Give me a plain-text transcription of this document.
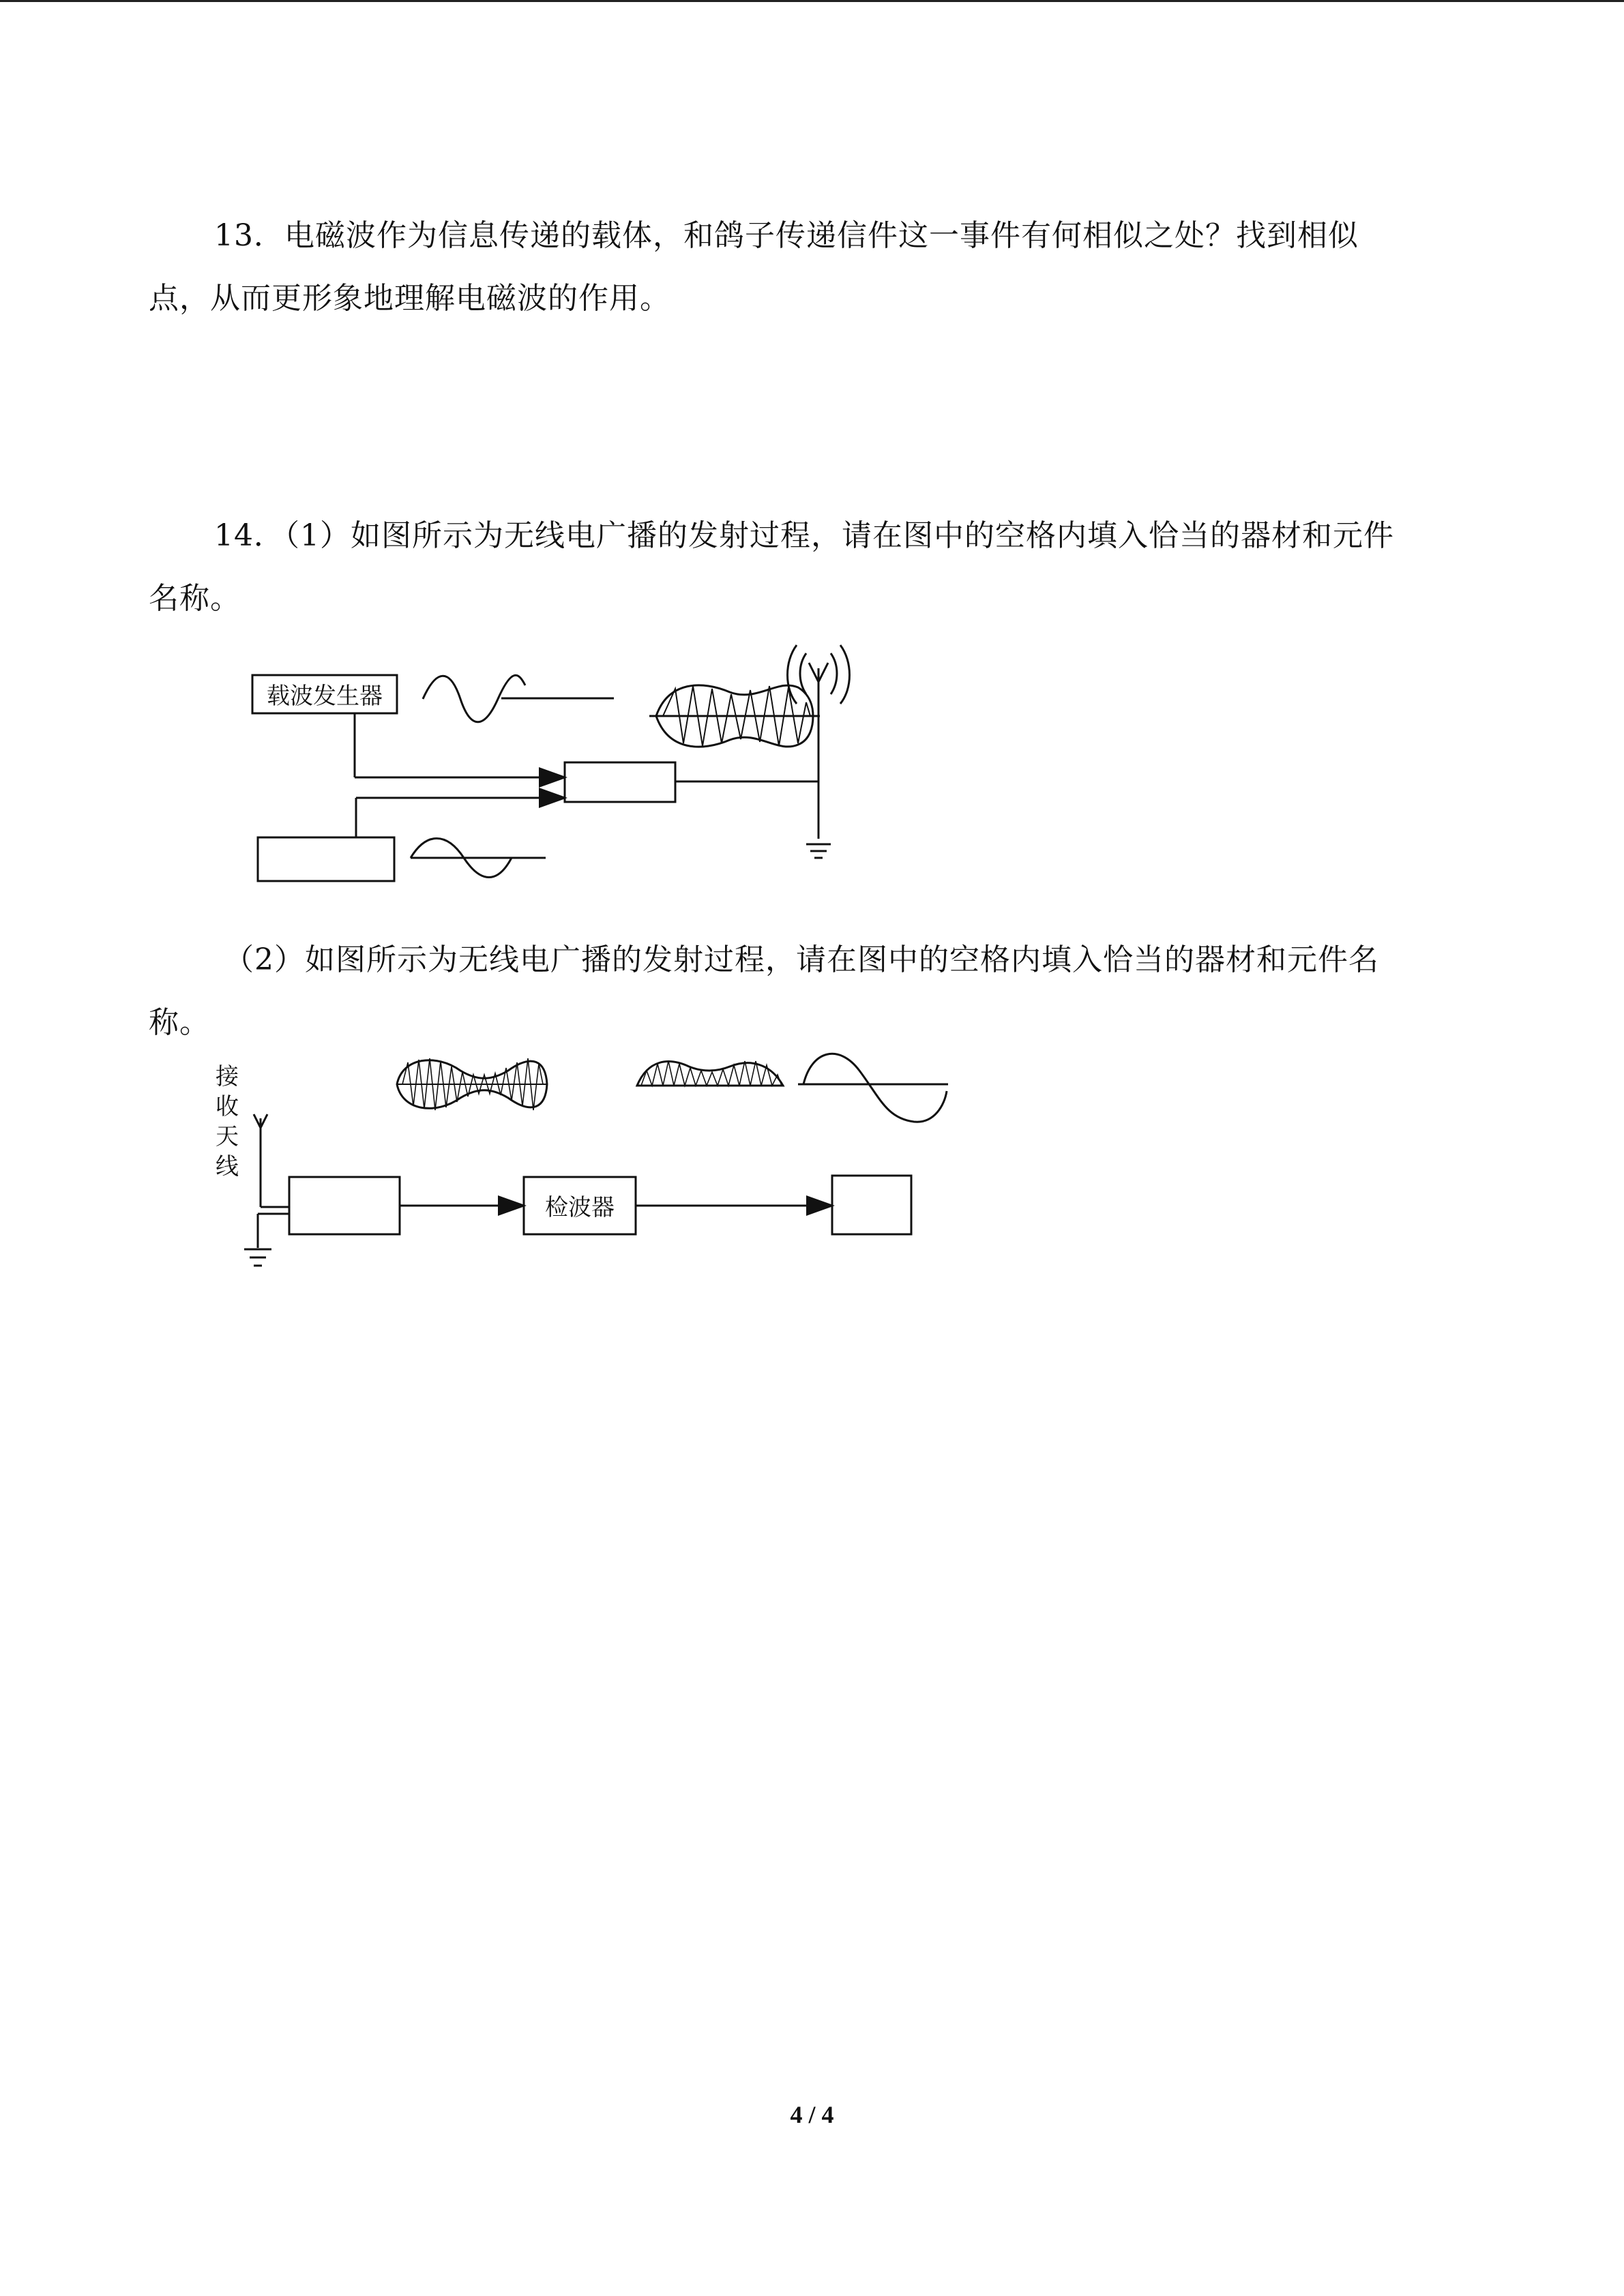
13．电磁波作为信息传递的载体，和鸽子传递信件这一事件有何相似之处？找到相似
点，从而更形象地理解电磁波的作用。
14．（1）如图所示为无线电广播的发射过程，请在图中的空格内填入恰当的器材和元件
名称。
载波发生器
（2）如图所示为无线电广播的发射过程，请在图中的空格内填入恰当的器材和元件名
称。
接
收
天
线
检波器
4 / 4
